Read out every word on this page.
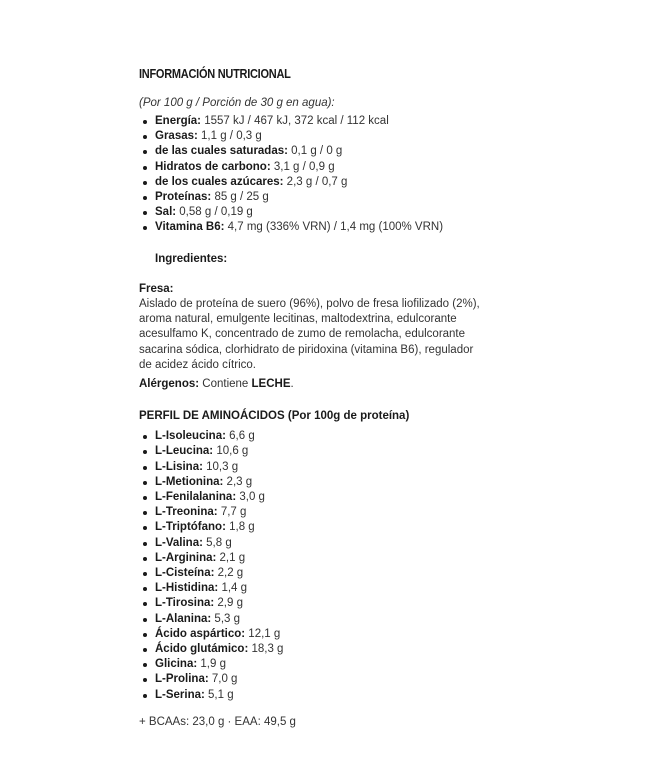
INFORMACIÓN NUTRICIONAL
(Por 100 g / Porción de 30 g en agua):
Energía: 1557 kJ / 467 kJ, 372 kcal / 112 kcal
Grasas: 1,1 g / 0,3 g
de las cuales saturadas: 0,1 g / 0 g
Hidratos de carbono: 3,1 g / 0,9 g
de los cuales azúcares: 2,3 g / 0,7 g
Proteínas: 85 g / 25 g
Sal: 0,58 g / 0,19 g
Vitamina B6: 4,7 mg (336% VRN) / 1,4 mg (100% VRN)
Ingredientes:
Fresa:
Aislado de proteína de suero (96%), polvo de fresa liofilizado (2%), aroma natural, emulgente lecitinas, maltodextrina, edulcorante acesulfamo K, concentrado de zumo de remolacha, edulcorante sacarina sódica, clorhidrato de piridoxina (vitamina B6), regulador de acidez ácido cítrico.
Alérgenos: Contiene LECHE.
PERFIL DE AMINOÁCIDOS (Por 100g de proteína)
L-Isoleucina: 6,6 g
L-Leucina: 10,6 g
L-Lisina: 10,3 g
L-Metionina: 2,3 g
L-Fenilalanina: 3,0 g
L-Treonina: 7,7 g
L-Triptófano: 1,8 g
L-Valina: 5,8 g
L-Arginina: 2,1 g
L-Cisteína: 2,2 g
L-Histidina: 1,4 g
L-Tirosina: 2,9 g
L-Alanina: 5,3 g
Ácido aspártico: 12,1 g
Ácido glutámico: 18,3 g
Glicina: 1,9 g
L-Prolina: 7,0 g
L-Serina: 5,1 g
+ BCAAs: 23,0 g · EAA: 49,5 g
